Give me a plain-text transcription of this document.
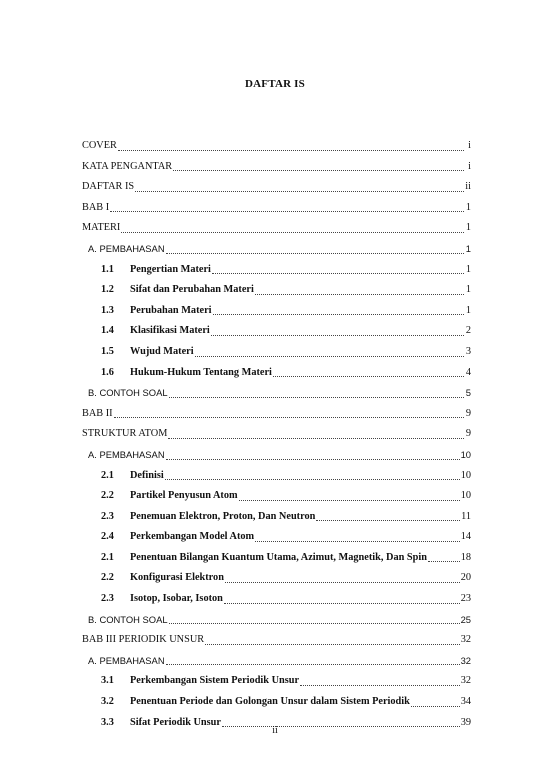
DAFTAR IS
COVER	i
KATA PENGANTAR	i
DAFTAR IS	ii
BAB I	1
MATERI	1
A. PEMBAHASAN	1
1.1	Pengertian Materi	1
1.2	Sifat dan Perubahan Materi	1
1.3	Perubahan Materi	1
1.4	Klasifikasi Materi	2
1.5	Wujud Materi	3
1.6	Hukum-Hukum Tentang Materi	4
B. CONTOH SOAL	5
BAB II	9
STRUKTUR ATOM	9
A. PEMBAHASAN	10
2.1	Definisi	10
2.2	Partikel Penyusun Atom	10
2.3	Penemuan Elektron, Proton, Dan Neutron	11
2.4	Perkembangan Model Atom	14
2.1	Penentuan Bilangan Kuantum Utama, Azimut, Magnetik, Dan Spin	18
2.2	Konfigurasi Elektron	20
2.3	Isotop, Isobar, Isoton	23
B. CONTOH SOAL	25
BAB III PERIODIK UNSUR	32
A. PEMBAHASAN	32
3.1	Perkembangan Sistem Periodik Unsur	32
3.2	Penentuan Periode dan Golongan Unsur dalam Sistem Periodik	34
3.3	Sifat Periodik Unsur	39
ii
